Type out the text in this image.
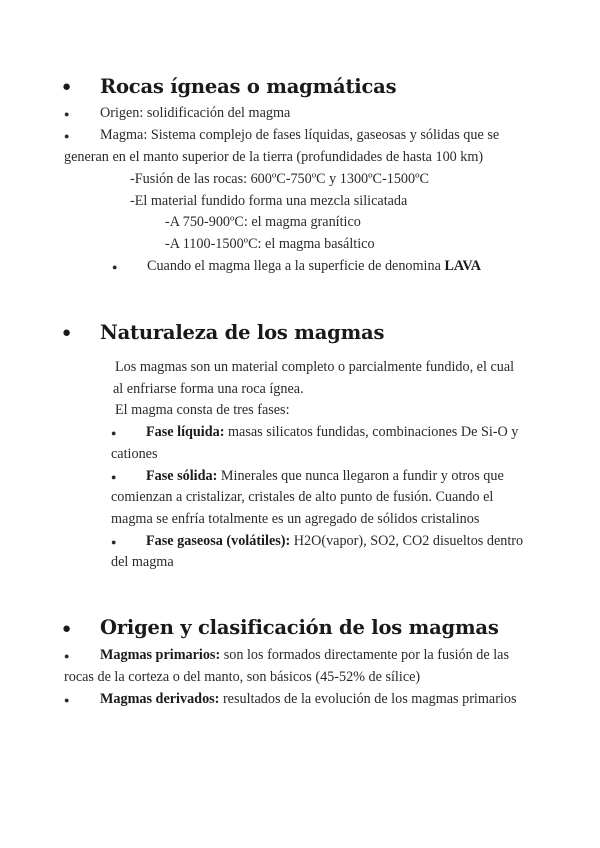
● Rocas ígneas o magmáticas
● Origen: solidificación del magma
● Magma: Sistema complejo de fases líquidas, gaseosas y sólidas que se
generan en el manto superior de la tierra (profundidades de hasta 100 km)
-Fusión de las rocas: 600ºC-750ºC y 1300ºC-1500ºC
-El material fundido forma una mezcla silicatada
-A 750-900ºC: el magma granítico
-A 1100-1500ºC: el magma basáltico
● Cuando el magma llega a la superficie de denomina LAVA
● Naturaleza de los magmas
Los magmas son un material completo o parcialmente fundido, el cual
al enfriarse forma una roca ígnea.
El magma consta de tres fases:
● Fase líquida: masas silicatos fundidas, combinaciones De Si-O y
cationes
● Fase sólida: Minerales que nunca llegaron a fundir y otros que
comienzan a cristalizar, cristales de alto punto de fusión. Cuando el
magma se enfría totalmente es un agregado de sólidos cristalinos
● Fase gaseosa (volátiles): H2O(vapor), SO2, CO2 disueltos dentro
del magma
● Origen y clasificación de los magmas
● Magmas primarios: son los formados directamente por la fusión de las
rocas de la corteza o del manto, son básicos (45-52% de sílice)
● Magmas derivados: resultados de la evolución de los magmas primarios
